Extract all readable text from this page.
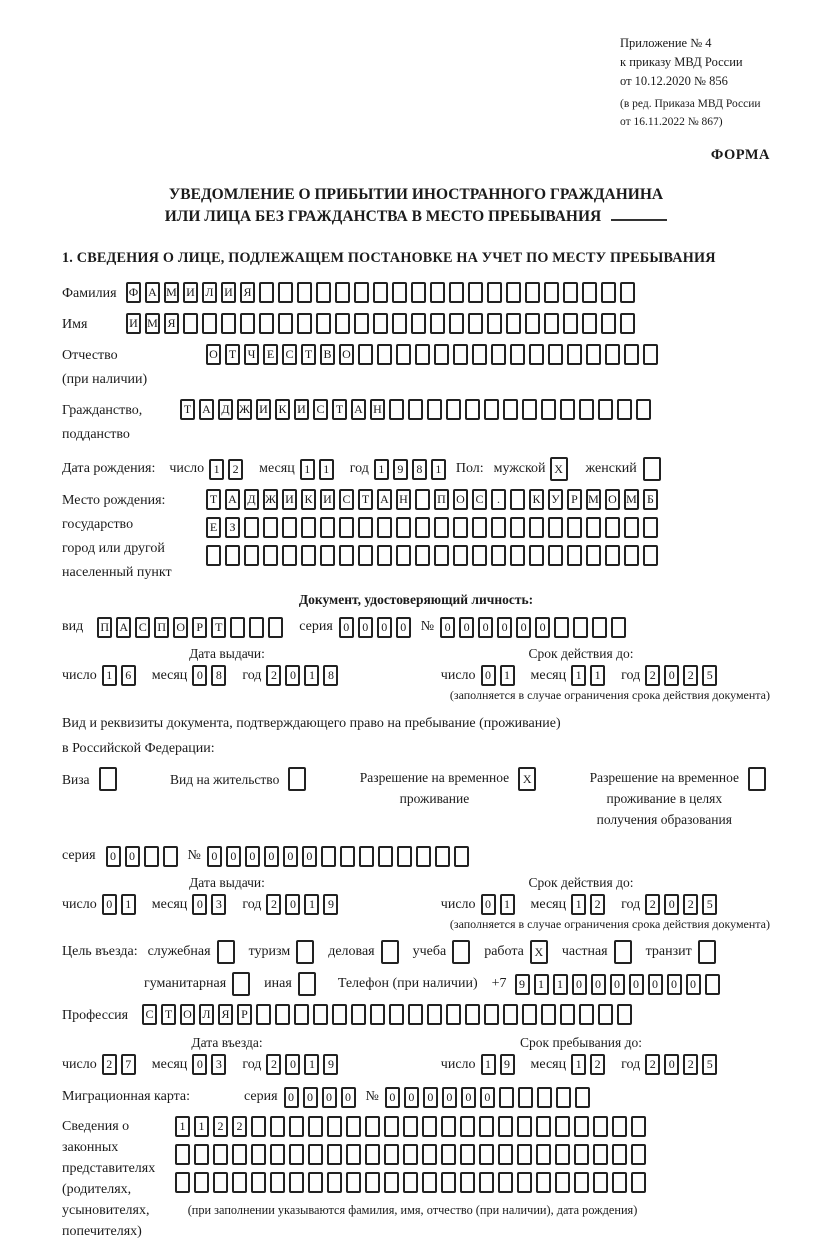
Приложение № 4
к приказу МВД России
от 10.12.2020 № 856
(в ред. Приказа МВД России
от 16.11.2022 № 867)
ФОРМА
УВЕДОМЛЕНИЕ О ПРИБЫТИИ ИНОСТРАННОГО ГРАЖДАНИНА
ИЛИ ЛИЦА БЕЗ ГРАЖДАНСТВА В МЕСТО ПРЕБЫВАНИЯ
1. СВЕДЕНИЯ О ЛИЦЕ, ПОДЛЕЖАЩЕМ ПОСТАНОВКЕ НА УЧЕТ ПО МЕСТУ ПРЕБЫВАНИЯ
Фамилия	Ф А М И Л И Я
Имя	И М Я
Отчество
(при наличии)
О Т Ч Е С Т В О
Гражданство,
подданство
Т А Д Ж И К И С Т А Н
Дата рождения: число 1	2	месяц 1	1	год 1	9	8	1	Пол: мужской X	женский
Место рождения:
государство
город или другой
населенный пункт
Т А Д Ж И К И С Т А Н П О С	.	К У Р М О М Б
Е	З
Документ, удостоверяющий личность:
вид П А С П О Р Т	серия 0	0	0	0	№ 0	0	0	0	0	0
Дата выдачи:
число 1	6	месяц 0	8	год 2	0	1	8
Срок действия до:
число 0	1	месяц 1	1	год 2	0	2	5
(заполняется в случае ограничения срока действия документа)
Вид и реквизиты документа, подтверждающего право на пребывание (проживание)
в Российской Федерации:
Виза	Вид на жительство	Разрешение на временное
проживание
X	Разрешение на временное
проживание в целях
получения образования
серия	0	0	№ 0	0	0	0	0	0
Дата выдачи:
число 0	1	месяц 0	3	год 2	0	1	9
Срок действия до:
число 0	1	месяц 1	2	год 2	0	2	5
(заполняется в случае ограничения срока действия документа)
Цель въезда: служебная	туризм	деловая	учеба	работа X	частная	транзит
гуманитарная	иная	Телефон (при наличии) +7	9	1	1	0	0	0	0	0	0	0
Профессия	С Т О Л Я Р
Дата въезда:
число 2	7	месяц 0	3	год 2	0	1	9
Срок пребывания до:
число 1	9	месяц 1	2	год 2	0	2	5
Миграционная карта:	серия 0	0	0	0	№ 0	0	0	0	0	0
Сведения о
законных
представителях
(родителях,
усыновителях,
попечителях)
1	1	2	2
(при заполнении указываются фамилия, имя, отчество (при наличии), дата рождения)
